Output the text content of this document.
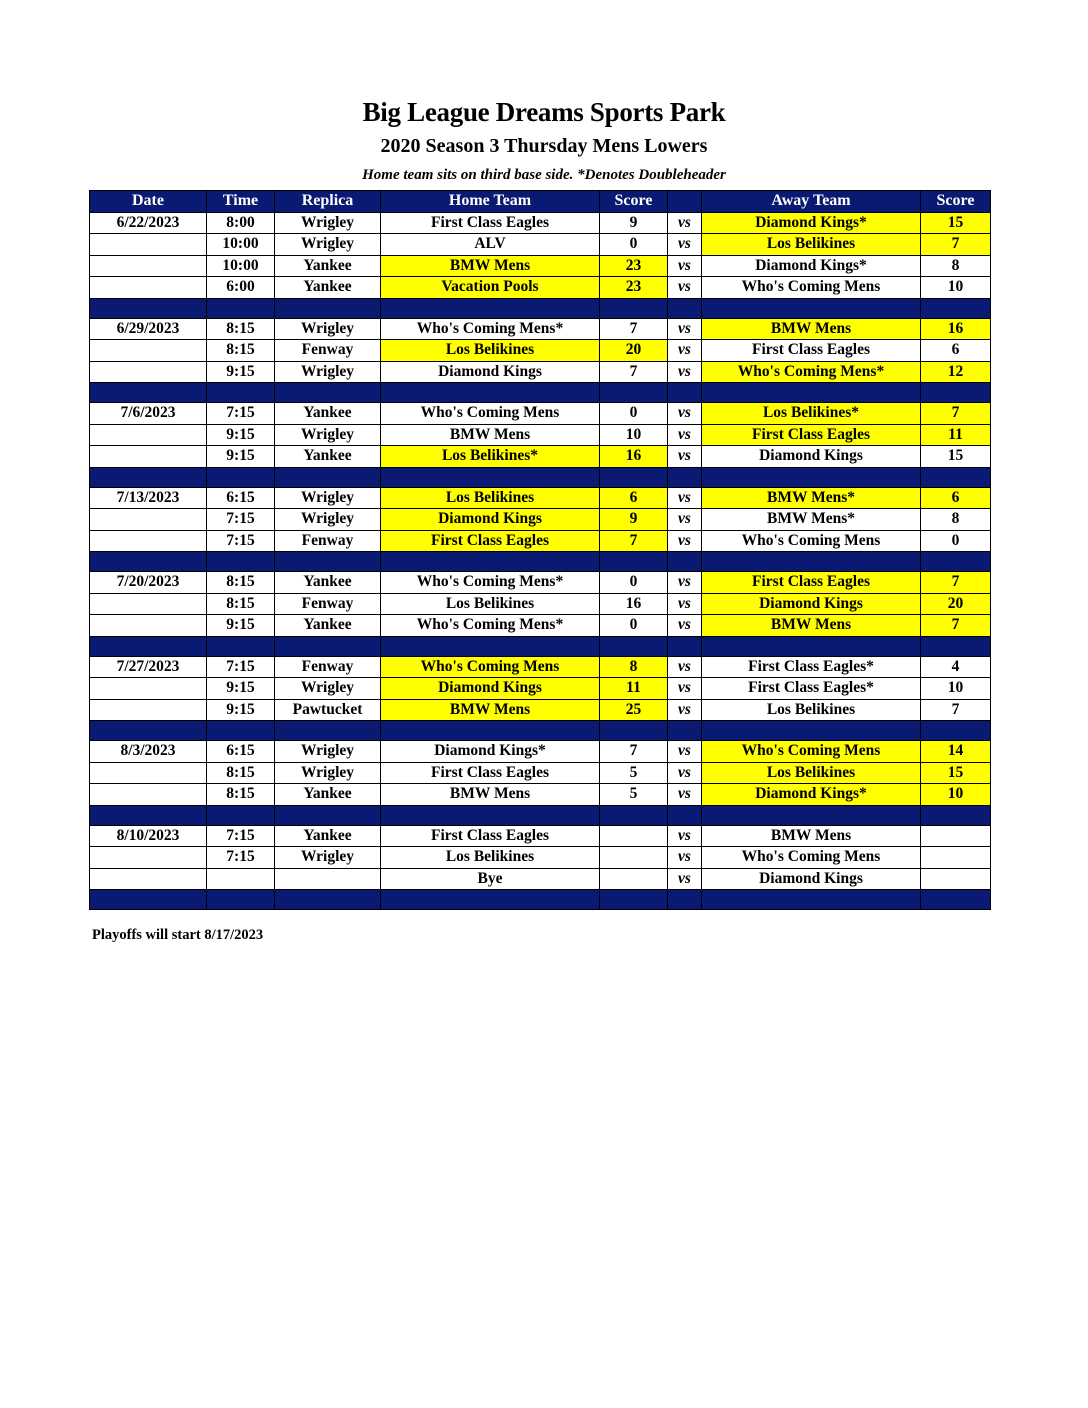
Big League Dreams Sports Park
2020 Season 3 Thursday Mens Lowers
Home team sits on third base side. *Denotes Doubleheader
Date	Time	Replica	Home Team	Score		Away Team	Score
6/22/2023	8:00	Wrigley	First Class Eagles	9	vs	Diamond Kings*	15
	10:00	Wrigley	ALV	0	vs	Los Belikines	7
	10:00	Yankee	BMW Mens	23	vs	Diamond Kings*	8
	6:00	Yankee	Vacation Pools	23	vs	Who's Coming Mens	10

6/29/2023	8:15	Wrigley	Who's Coming Mens*	7	vs	BMW Mens	16
	8:15	Fenway	Los Belikines	20	vs	First Class Eagles	6
	9:15	Wrigley	Diamond Kings	7	vs	Who's Coming Mens*	12

7/6/2023	7:15	Yankee	Who's Coming Mens	0	vs	Los Belikines*	7
	9:15	Wrigley	BMW Mens	10	vs	First Class Eagles	11
	9:15	Yankee	Los Belikines*	16	vs	Diamond Kings	15

7/13/2023	6:15	Wrigley	Los Belikines	6	vs	BMW Mens*	6
	7:15	Wrigley	Diamond Kings	9	vs	BMW Mens*	8
	7:15	Fenway	First Class Eagles	7	vs	Who's Coming Mens	0

7/20/2023	8:15	Yankee	Who's Coming Mens*	0	vs	First Class Eagles	7
	8:15	Fenway	Los Belikines	16	vs	Diamond Kings	20
	9:15	Yankee	Who's Coming Mens*	0	vs	BMW Mens	7

7/27/2023	7:15	Fenway	Who's Coming Mens	8	vs	First Class Eagles*	4
	9:15	Wrigley	Diamond Kings	11	vs	First Class Eagles*	10
	9:15	Pawtucket	BMW Mens	25	vs	Los Belikines	7

8/3/2023	6:15	Wrigley	Diamond Kings*	7	vs	Who's Coming Mens	14
	8:15	Wrigley	First Class Eagles	5	vs	Los Belikines	15
	8:15	Yankee	BMW Mens	5	vs	Diamond Kings*	10

8/10/2023	7:15	Yankee	First Class Eagles		vs	BMW Mens	
	7:15	Wrigley	Los Belikines		vs	Who's Coming Mens	
			Bye		vs	Diamond Kings	

Playoffs will start 8/17/2023
